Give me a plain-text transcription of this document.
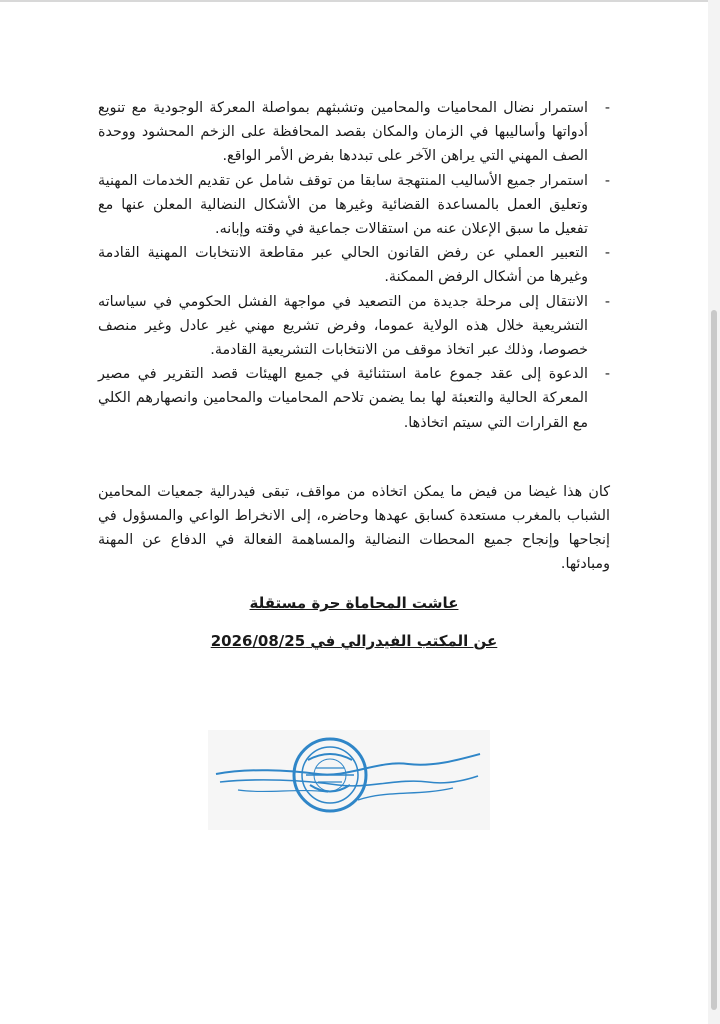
-
استمرار نضال المحاميات والمحامين وتشبثهم بمواصلة المعركة الوجودية مع تنويع أدواتها وأساليبها في الزمان والمكان بقصد المحافظة على الزخم المحشود ووحدة الصف المهني التي يراهن الآخر على تبددها بفرض الأمر الواقع.
-
استمرار جميع الأساليب المنتهجة سابقا من توقف شامل عن تقديم الخدمات المهنية وتعليق العمل بالمساعدة القضائية وغيرها من الأشكال النضالية المعلن عنها مع تفعيل ما سبق الإعلان عنه من استقالات جماعية في وقته وإبانه.
-
التعبير العملي عن رفض القانون الحالي عبر مقاطعة الانتخابات المهنية القادمة وغيرها من أشكال الرفض الممكنة.
-
الانتقال إلى مرحلة جديدة من التصعيد في مواجهة الفشل الحكومي في سياساته التشريعية خلال هذه الولاية عموما، وفرض تشريع مهني غير عادل وغير منصف خصوصا، وذلك عبر اتخاذ موقف من الانتخابات التشريعية القادمة.
-
الدعوة إلى عقد جموع عامة استثنائية في جميع الهيئات قصد التقرير في مصير المعركة الحالية والتعبئة لها بما يضمن تلاحم المحاميات والمحامين وانصهارهم الكلي مع القرارات التي سيتم اتخاذها.

كان هذا غيضا من فيض ما يمكن اتخاذه من مواقف، تبقى فيدرالية جمعيات المحامين الشباب بالمغرب مستعدة كسابق عهدها وحاضره، إلى الانخراط الواعي والمسؤول في إنجاحها وإنجاح جميع المحطات النضالية والمساهمة الفعالة في الدفاع عن المهنة ومبادئها.

عاشت المحاماة حرة مستقلة
عن المكتب الفيدرالي في 2026/08/25
